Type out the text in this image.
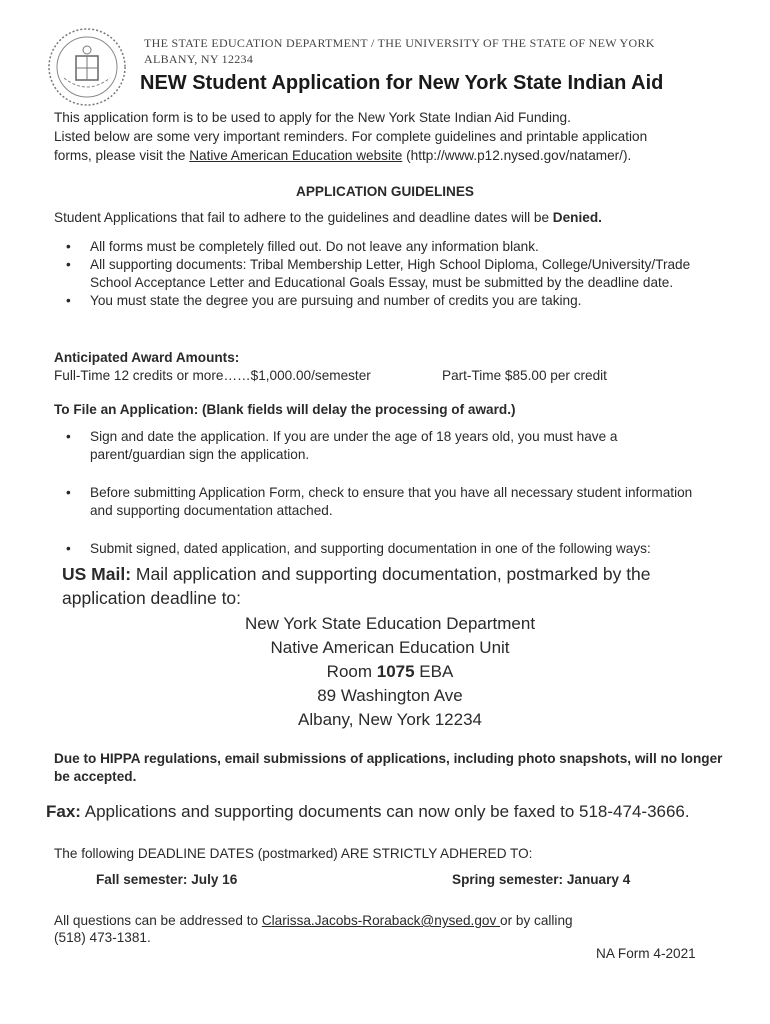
THE STATE EDUCATION DEPARTMENT / THE UNIVERSITY OF THE STATE OF NEW YORK
ALBANY, NY 12234
NEW Student Application for New York State Indian Aid

This application form is to be used to apply for the New York State Indian Aid Funding.

Listed below are some very important reminders. For complete guidelines and printable application

forms, please visit the Native American Education website (http://www.p12.nysed.gov/natamer/).

APPLICATION GUIDELINES
Student Applications that fail to adhere to the guidelines and deadline dates will be Denied.
• All forms must be completely filled out. Do not leave any information blank.
• All supporting documents: Tribal Membership Letter, High School Diploma, College/University/Trade School Acceptance Letter and Educational Goals Essay, must be submitted by the deadline date.
• You must state the degree you are pursuing and number of credits you are taking.
Anticipated Award Amounts:
Full-Time 12 credits or more……$1,000.00/semester	Part-Time $85.00 per credit
To File an Application: (Blank fields will delay the processing of award.)
• Sign and date the application. If you are under the age of 18 years old, you must have a parent/guardian sign the application.
• Before submitting Application Form, check to ensure that you have all necessary student information and supporting documentation attached.
• Submit signed, dated application, and supporting documentation in one of the following ways:
US Mail: Mail application and supporting documentation, postmarked by the application deadline to:
New York State Education Department
Native American Education Unit
Room 1075 EBA
89 Washington Ave
Albany, New York 12234
Due to HIPPA regulations, email submissions of applications, including photo snapshots, will no longer be accepted.
Fax: Applications and supporting documents can now only be faxed to 518-474-3666.
The following DEADLINE DATES (postmarked) ARE STRICTLY ADHERED TO:
Fall semester: July 16	Spring semester: January 4
All questions can be addressed to Clarissa.Jacobs-Roraback@nysed.gov or by calling
(518) 473-1381.
NA Form 4-2021
